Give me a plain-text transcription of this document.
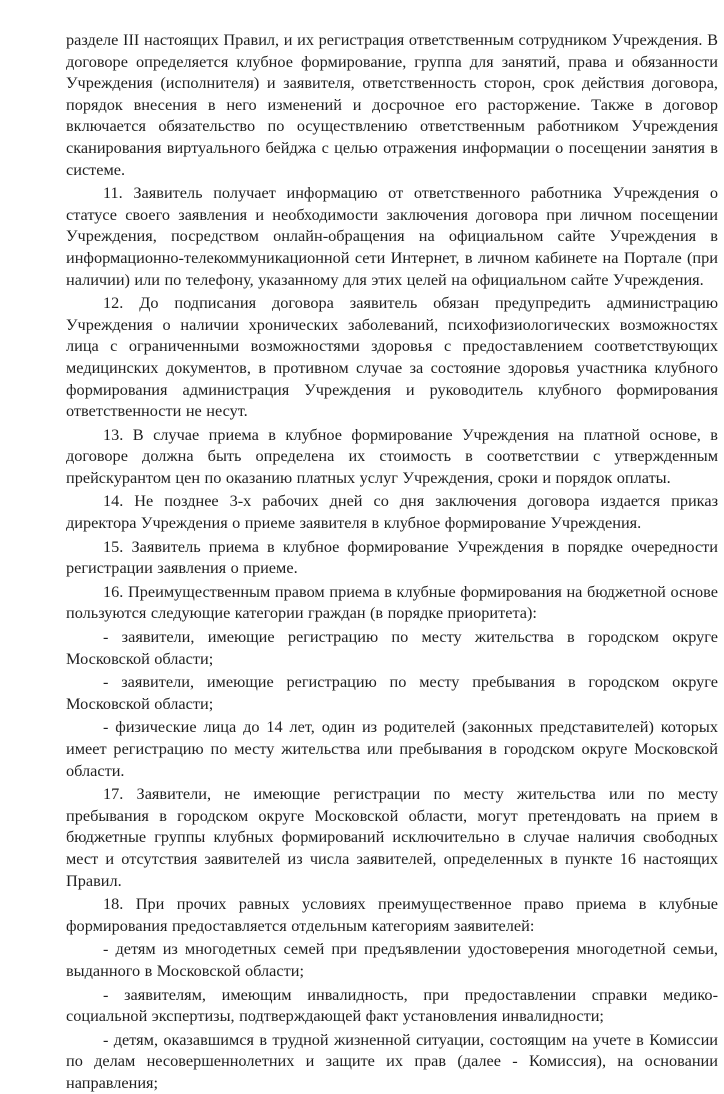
разделе III настоящих Правил, и их регистрация ответственным сотрудником Учреждения. В договоре определяется клубное формирование, группа для занятий, права и обязанности Учреждения (исполнителя) и заявителя, ответственность сторон, срок действия договора, порядок внесения в него изменений и досрочное его расторжение. Также в договор включается обязательство по осуществлению ответственным работником Учреждения сканирования виртуального бейджа с целью отражения информации о посещении занятия в системе.

11. Заявитель получает информацию от ответственного работника Учреждения о статусе своего заявления и необходимости заключения договора при личном посещении Учреждения, посредством онлайн-обращения на официальном сайте Учреждения в информационно-телекоммуникационной сети Интернет, в личном кабинете на Портале (при наличии) или по телефону, указанному для этих целей на официальном сайте Учреждения.

12. До подписания договора заявитель обязан предупредить администрацию Учреждения о наличии хронических заболеваний, психофизиологических возможностях лица с ограниченными возможностями здоровья с предоставлением соответствующих медицинских документов, в противном случае за состояние здоровья участника клубного формирования администрация Учреждения и руководитель клубного формирования ответственности не несут.

13. В случае приема в клубное формирование Учреждения на платной основе, в договоре должна быть определена их стоимость в соответствии с утвержденным прейскурантом цен по оказанию платных услуг Учреждения, сроки и порядок оплаты.

14. Не позднее 3-х рабочих дней со дня заключения договора издается приказ директора Учреждения о приеме заявителя в клубное формирование Учреждения.

15. Заявитель приема в клубное формирование Учреждения в порядке очередности регистрации заявления о приеме.

16. Преимущественным правом приема в клубные формирования на бюджетной основе пользуются следующие категории граждан (в порядке приоритета):

- заявители, имеющие регистрацию по месту жительства в городском округе Московской области;

- заявители, имеющие регистрацию по месту пребывания в городском округе Московской области;

- физические лица до 14 лет, один из родителей (законных представителей) которых имеет регистрацию по месту жительства или пребывания в городском округе Московской области.

17. Заявители, не имеющие регистрации по месту жительства или по месту пребывания в городском округе Московской области, могут претендовать на прием в бюджетные группы клубных формирований исключительно в случае наличия свободных мест и отсутствия заявителей из числа заявителей, определенных в пункте 16 настоящих Правил.

18. При прочих равных условиях преимущественное право приема в клубные формирования предоставляется отдельным категориям заявителей:

- детям из многодетных семей при предъявлении удостоверения многодетной семьи, выданного в Московской области;

- заявителям, имеющим инвалидность, при предоставлении справки медико-социальной экспертизы, подтверждающей факт установления инвалидности;

- детям, оказавшимся в трудной жизненной ситуации, состоящим на учете в Комиссии по делам несовершеннолетних и защите их прав (далее - Комиссия), на основании направления;
